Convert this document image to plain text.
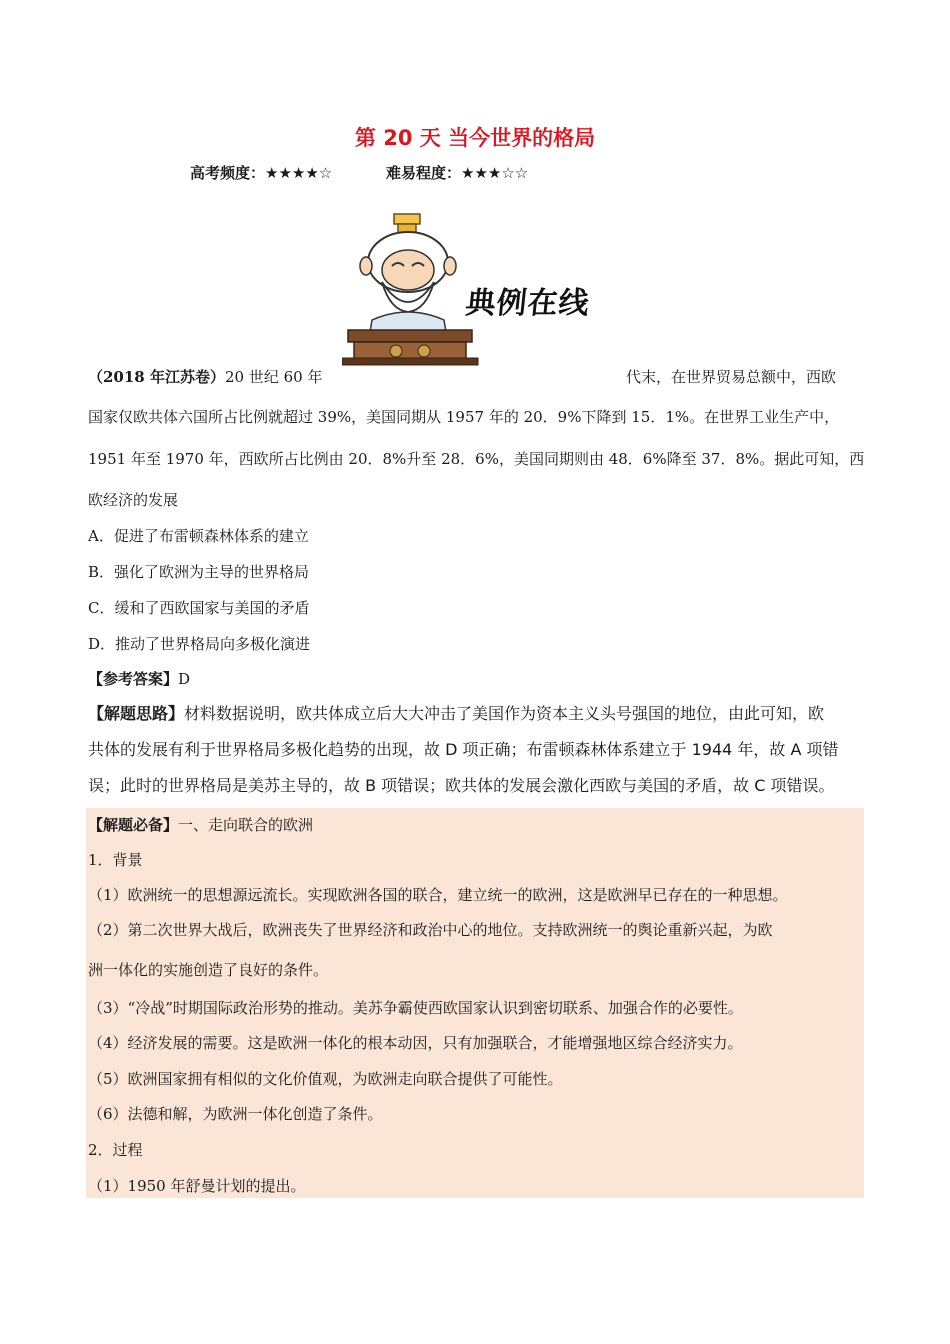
第 20 天 当今世界的格局
高考频度：★★★★☆	难易程度：★★★☆☆
典例在线
（2018 年江苏卷）20 世纪 60 年	代末，在世界贸易总额中，西欧
国家仅欧共体六国所占比例就超过 39%，美国同期从 1957 年的 20．9%下降到 15．1%。在世界工业生产中，
1951 年至 1970 年，西欧所占比例由 20．8%升至 28．6%，美国同期则由 48．6%降至 37．8%。据此可知，西
欧经济的发展
A．促进了布雷顿森林体系的建立
B．强化了欧洲为主导的世界格局
C．缓和了西欧国家与美国的矛盾
D．推动了世界格局向多极化演进
【参考答案】D
【解题思路】材料数据说明，欧共体成立后大大冲击了美国作为资本主义头号强国的地位，由此可知，欧
共体的发展有利于世界格局多极化趋势的出现，故 D 项正确；布雷顿森林体系建立于 1944 年，故 A 项错
误；此时的世界格局是美苏主导的，故 B 项错误；欧共体的发展会激化西欧与美国的矛盾，故 C 项错误。
【解题必备】一、走向联合的欧洲
1．背景
（1）欧洲统一的思想源远流长。实现欧洲各国的联合，建立统一的欧洲，这是欧洲早已存在的一种思想。
（2）第二次世界大战后，欧洲丧失了世界经济和政治中心的地位。支持欧洲统一的舆论重新兴起，为欧
洲一体化的实施创造了良好的条件。
（3）“冷战”时期国际政治形势的推动。美苏争霸使西欧国家认识到密切联系、加强合作的必要性。
（4）经济发展的需要。这是欧洲一体化的根本动因，只有加强联合，才能增强地区综合经济实力。
（5）欧洲国家拥有相似的文化价值观，为欧洲走向联合提供了可能性。
（6）法德和解，为欧洲一体化创造了条件。
2．过程
（1）1950 年舒曼计划的提出。
